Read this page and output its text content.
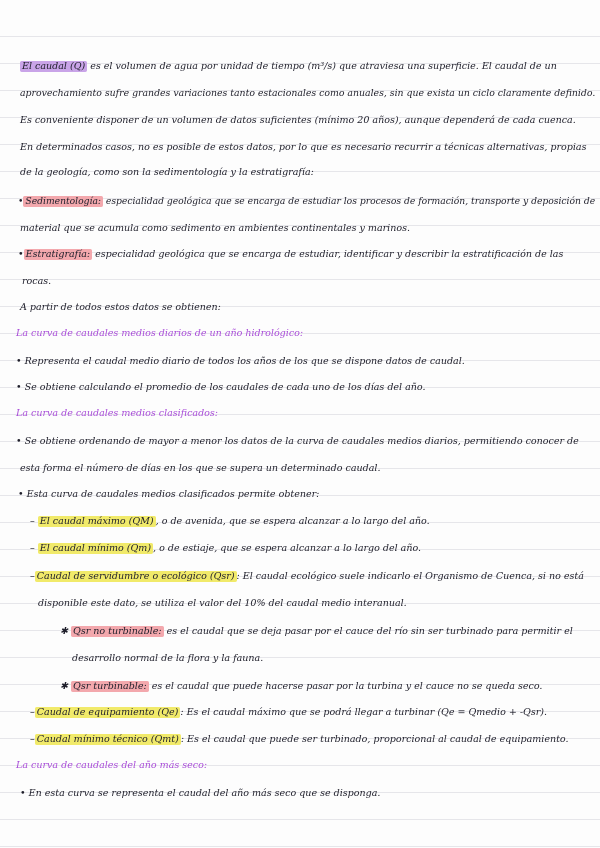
El caudal (Q) es el volumen de agua por unidad de tiempo (m³/s) que atraviesa una superficie. El caudal de un
aprovechamiento sufre grandes variaciones tanto estacionales como anuales, sin que exista un ciclo claramente definido.
Es conveniente disponer de un volumen de datos suficientes (mínimo 20 años), aunque dependerá de cada cuenca.
En determinados casos, no es posible de estos datos, por lo que es necesario recurrir a técnicas alternativas, propias
de la geología, como son la sedimentología y la estratigrafía:
• Sedimentología: especialidad geológica que se encarga de estudiar los procesos de formación, transporte y deposición de
material que se acumula como sedimento en ambientes continentales y marinos.
• Estratigrafía: especialidad geológica que se encarga de estudiar, identificar y describir la estratificación de las
rocas.
A partir de todos estos datos se obtienen:
La curva de caudales medios diarios de un año hidrológico:
• Representa el caudal medio diario de todos los años de los que se dispone datos de caudal.
• Se obtiene calculando el promedio de los caudales de cada uno de los días del año.
La curva de caudales medios clasificados:
• Se obtiene ordenando de mayor a menor los datos de la curva de caudales medios diarios, permitiendo conocer de
esta forma el número de días en los que se supera un determinado caudal.
• Esta curva de caudales medios clasificados permite obtener:
– El caudal máximo (QM) , o de avenida, que se espera alcanzar a lo largo del año.
– El caudal mínimo (Qm) , o de estiaje, que se espera alcanzar a lo largo del año.
– Caudal de servidumbre o ecológico (Qsr) : El caudal ecológico suele indicarlo el Organismo de Cuenca, si no está
disponible este dato, se utiliza el valor del 10% del caudal medio interanual.
✱ Qsr no turbinable: es el caudal que se deja pasar por el cauce del río sin ser turbinado para permitir el
desarrollo normal de la flora y la fauna.
✱ Qsr turbinable: es el caudal que puede hacerse pasar por la turbina y el cauce no se queda seco.
– Caudal de equipamiento (Qe) : Es el caudal máximo que se podrá llegar a turbinar (Qe = Qmedio + -Qsr).
– Caudal mínimo técnico (Qmt) : Es el caudal que puede ser turbinado, proporcional al caudal de equipamiento.
La curva de caudales del año más seco:
• En esta curva se representa el caudal del año más seco que se disponga.
